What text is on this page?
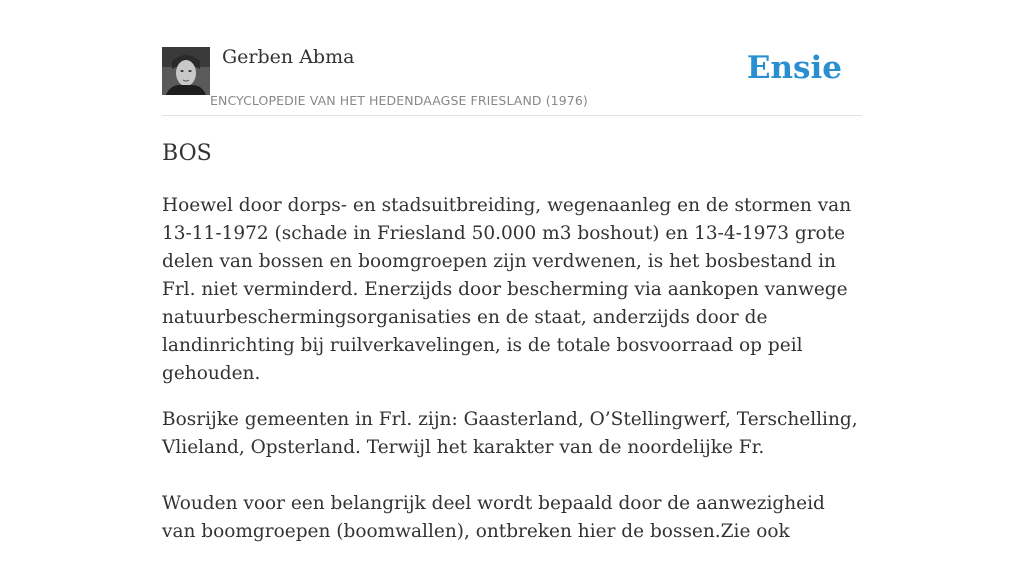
Gerben Abma
ENCYCLOPEDIE VAN HET HEDENDAAGSE FRIESLAND (1976)
Ensie
BOS

Hoewel door dorps- en stadsuitbreiding, wegenaanleg en de stormen van 13-11-1972 (schade in Friesland 50.000 m3 boshout) en 13-4-1973 grote delen van bossen en boomgroepen zijn verdwenen, is het bosbestand in Frl. niet verminderd. Enerzijds door bescherming via aankopen vanwege natuurbeschermingsorganisaties en de staat, anderzijds door de landinrichting bij ruilverkavelingen, is de totale bosvoorraad op peil gehouden.

Bosrijke gemeenten in Frl. zijn: Gaasterland, O’Stellingwerf, Terschelling, Vlieland, Opsterland. Terwijl het karakter van de noordelijke Fr.

Wouden voor een belangrijk deel wordt bepaald door de aanwezigheid van boomgroepen (boomwallen), ontbreken hier de bossen.Zie ook
